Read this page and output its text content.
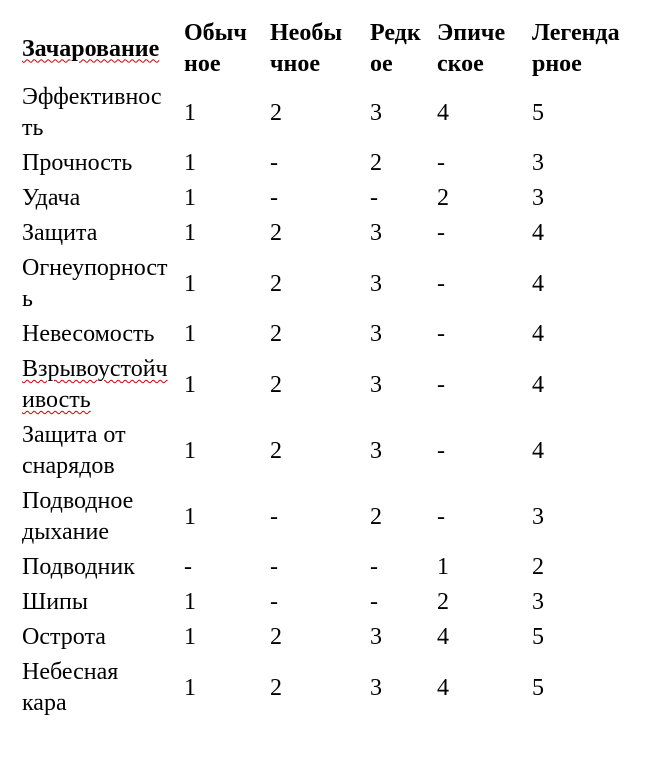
Зачарование	Обычное	Необычное	Редкое	Эпическое	Легендарное
Эффективность	1	2	3	4	5
Прочность	1	-	2	-	3
Удача	1	-	-	2	3
Защита	1	2	3	-	4
Огнеупорность	1	2	3	-	4
Невесомость	1	2	3	-	4
Взрывоустойчивость	1	2	3	-	4
Защита от снарядов	1	2	3	-	4
Подводное дыхание	1	-	2	-	3
Подводник	-	-	-	1	2
Шипы	1	-	-	2	3
Острота	1	2	3	4	5
Небесная кара	1	2	3	4	5
